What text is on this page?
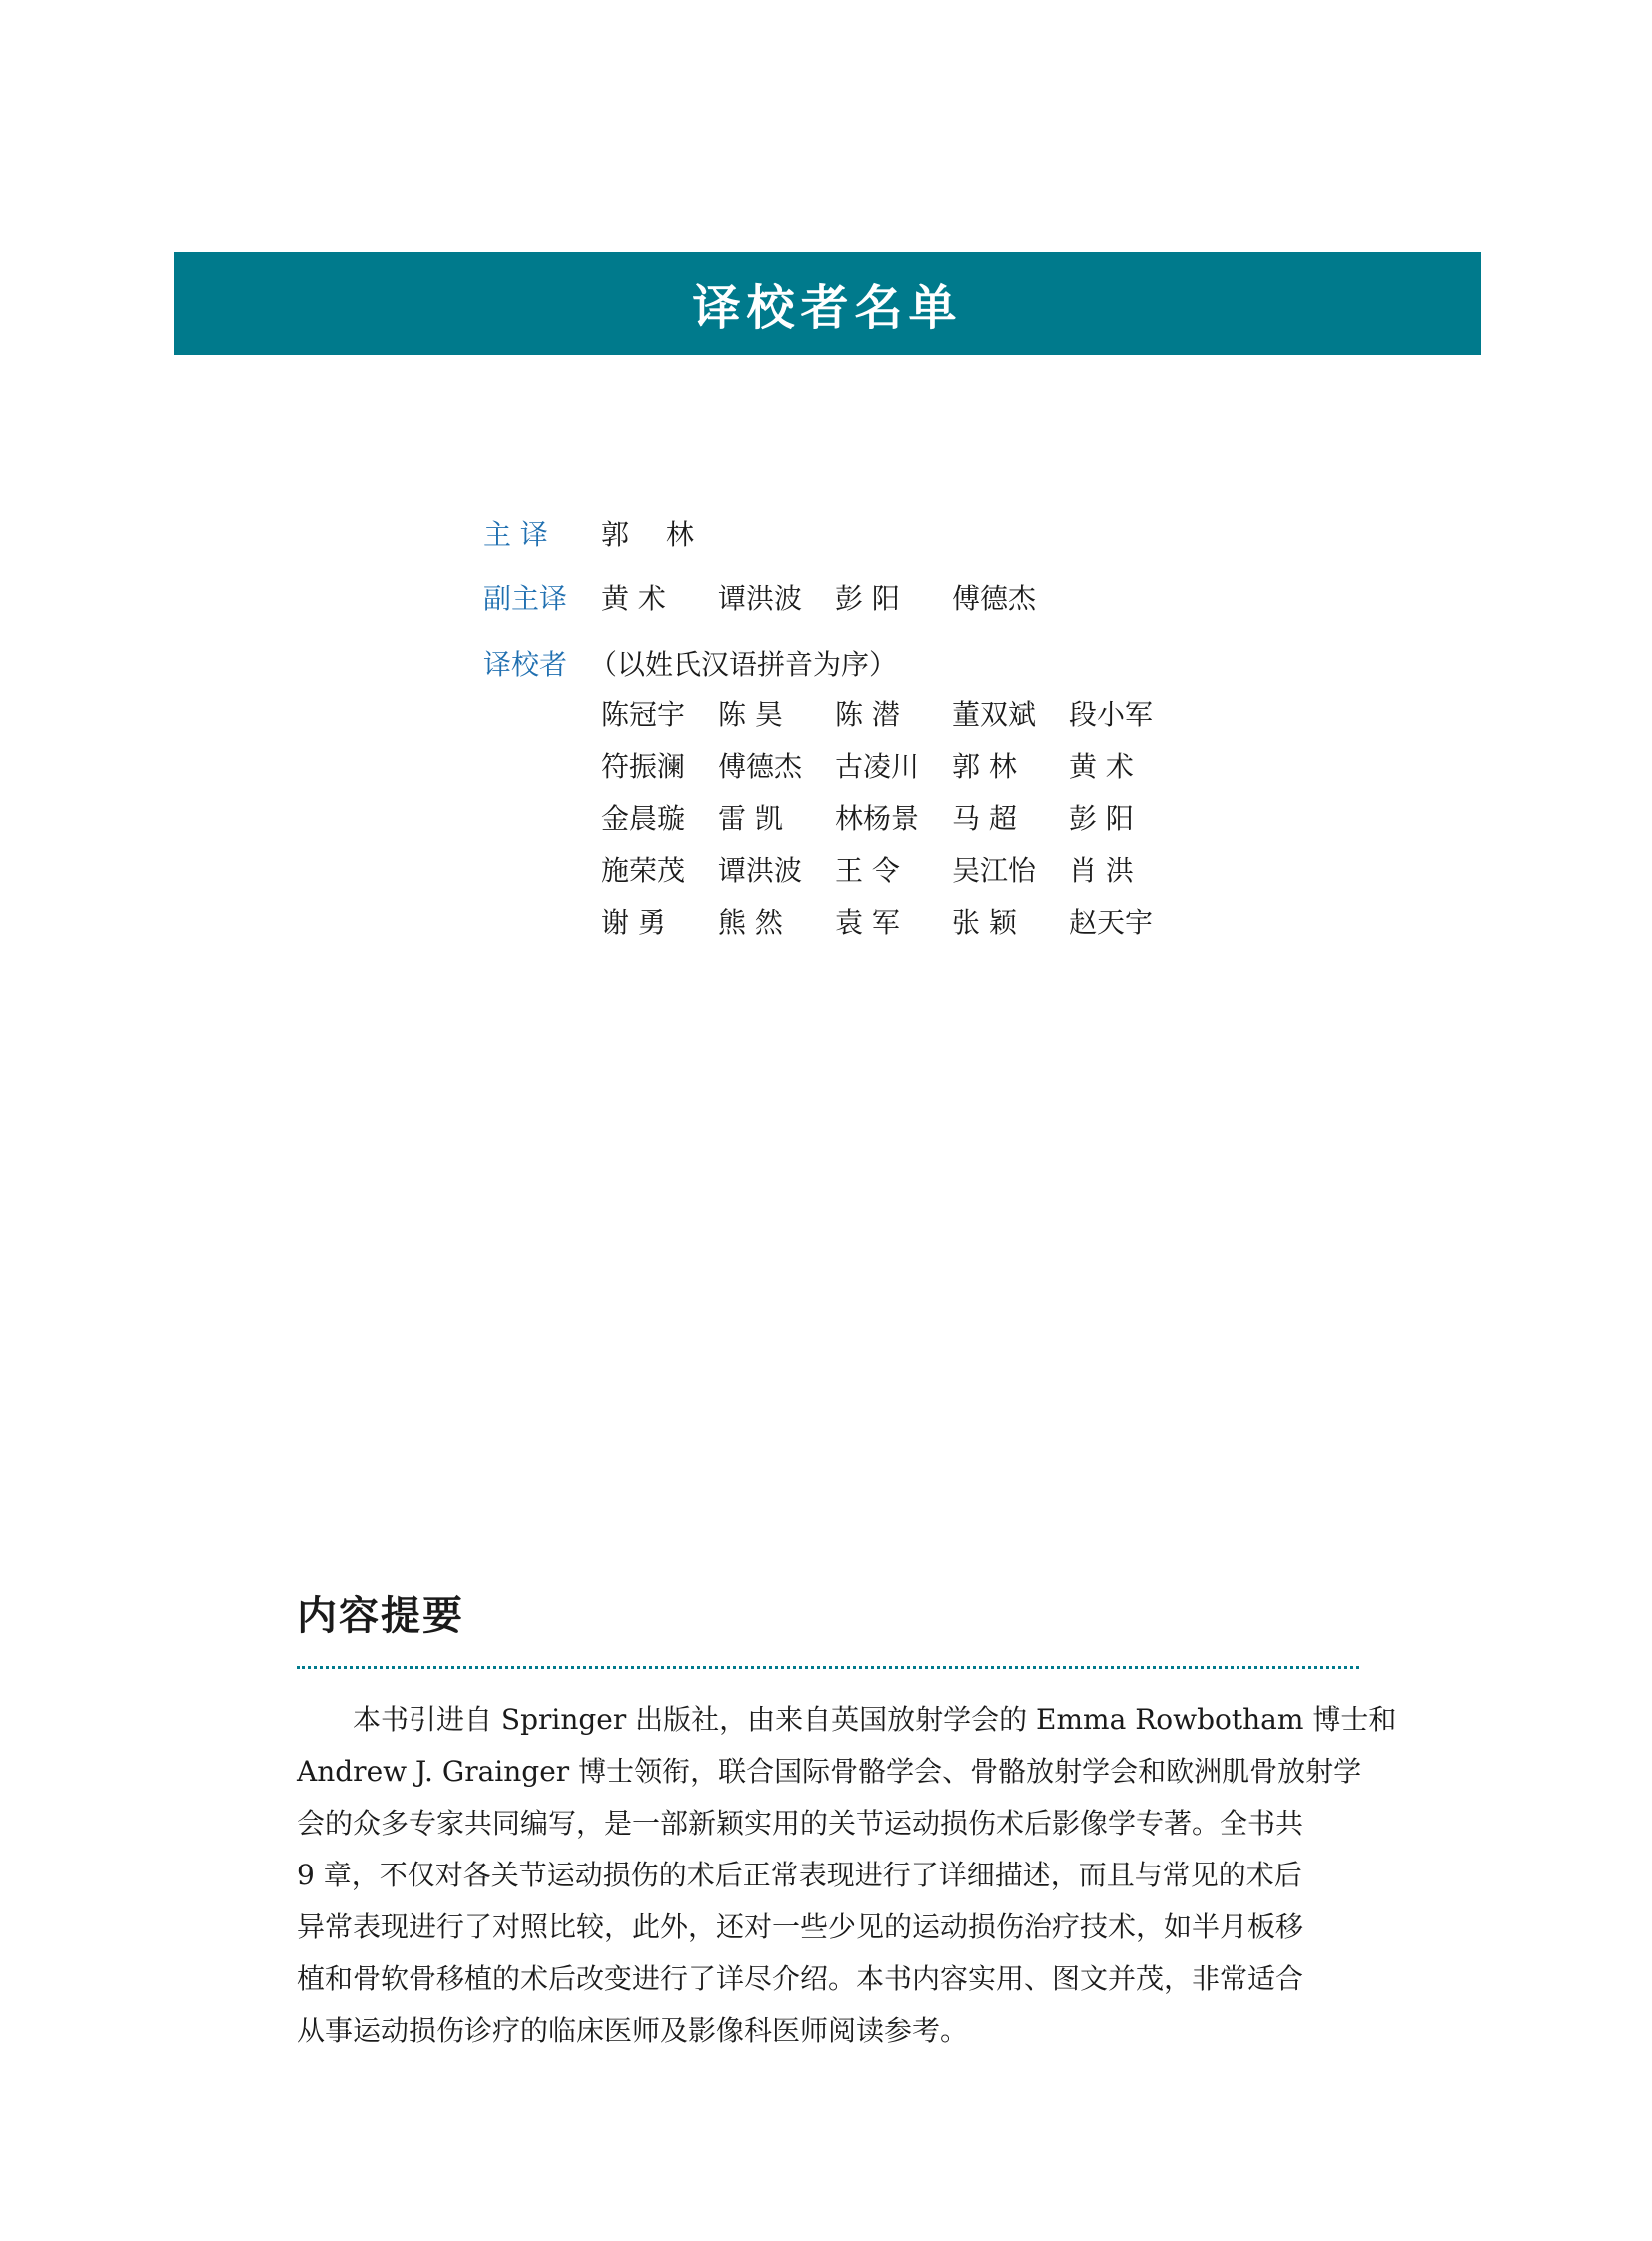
译校者名单
主 译 郭 林
副主译 黄 术	谭洪波	彭 阳	傅德杰
译校者 （以姓氏汉语拼音为序）
陈冠宇	陈 昊	陈 潜	董双斌	段小军
符振澜	傅德杰	古凌川	郭 林	黄 术
金晨璇	雷 凯	林杨景	马 超	彭 阳
施荣茂	谭洪波	王 令	吴江怡	肖 洪
谢 勇	熊 然	袁 军	张 颖	赵天宇
内容提要
　　本书引进自 Springer 出版社，由来自英国放射学会的 Emma Rowbotham 博士和
Andrew J. Grainger 博士领衔，联合国际骨骼学会、骨骼放射学会和欧洲肌骨放射学
会的众多专家共同编写，是一部新颖实用的关节运动损伤术后影像学专著。全书共
9 章，不仅对各关节运动损伤的术后正常表现进行了详细描述，而且与常见的术后
异常表现进行了对照比较，此外，还对一些少见的运动损伤治疗技术，如半月板移
植和骨软骨移植的术后改变进行了详尽介绍。本书内容实用、图文并茂，非常适合
从事运动损伤诊疗的临床医师及影像科医师阅读参考。
